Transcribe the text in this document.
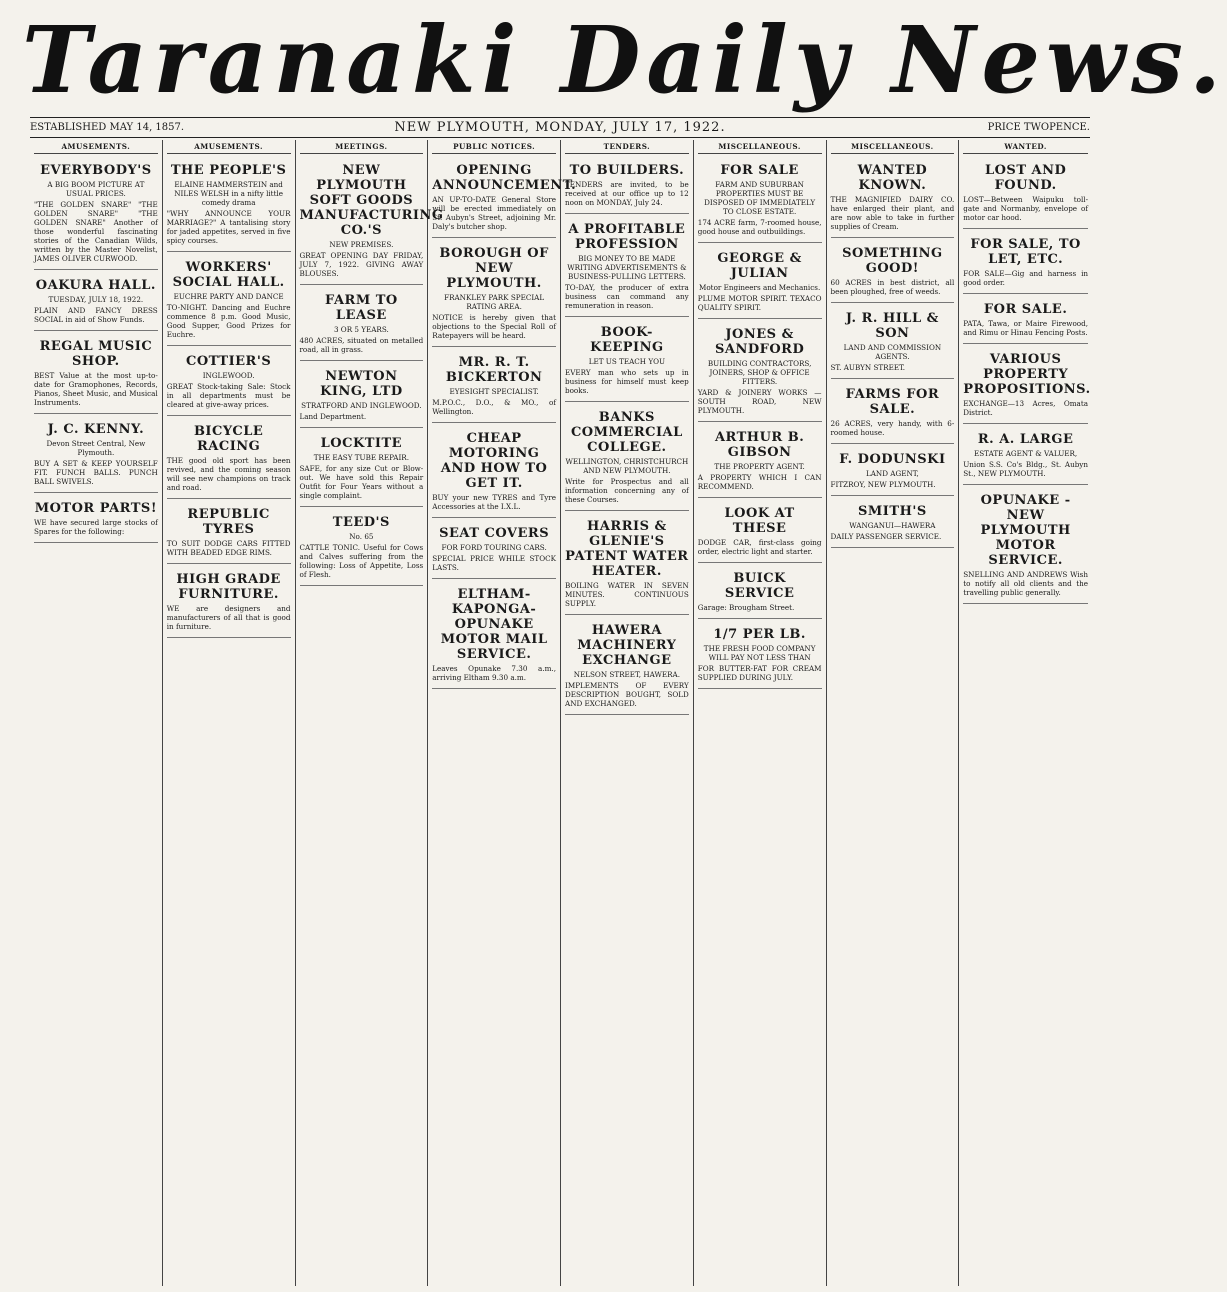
Taranaki Daily News.
ESTABLISHED MAY 14, 1857.	NEW PLYMOUTH, MONDAY, JULY 17, 1922.	PRICE TWOPENCE.
AMUSEMENTS.
EVERYBODY'S
A BIG BOOM PICTURE AT USUAL PRICES.
"THE GOLDEN SNARE" "THE GOLDEN SNARE" "THE GOLDEN SNARE" Another of those wonderful fascinating stories of the Canadian Wilds, written by the Master Novelist, JAMES OLIVER CURWOOD.
OAKURA HALL.
TUESDAY, JULY 18, 1922.
PLAIN AND FANCY DRESS SOCIAL in aid of Show Funds.
REGAL MUSIC SHOP.
BEST Value at the most up-to-date for Gramophones, Records, Pianos, Sheet Music, and Musical Instruments.
J. C. KENNY.
Devon Street Central, New Plymouth.
BUY A SET & KEEP YOURSELF FIT. FUNCH BALLS. PUNCH BALL SWIVELS.
MOTOR PARTS!
WE have secured large stocks of Spares for the following:
AMUSEMENTS.
THE PEOPLE'S
ELAINE HAMMERSTEIN and NILES WELSH in a nifty little comedy drama
"WHY ANNOUNCE YOUR MARRIAGE?" A tantalising story for jaded appetites, served in five spicy courses.
WORKERS' SOCIAL HALL.
EUCHRE PARTY AND DANCE
TO-NIGHT. Dancing and Euchre commence 8 p.m. Good Music, Good Supper, Good Prizes for Euchre.
COTTIER'S
INGLEWOOD.
GREAT Stock-taking Sale: Stock in all departments must be cleared at give-away prices.
BICYCLE RACING
THE good old sport has been revived, and the coming season will see new champions on track and road.
REPUBLIC TYRES
TO SUIT DODGE CARS FITTED WITH BEADED EDGE RIMS.
HIGH GRADE FURNITURE.
WE are designers and manufacturers of all that is good in furniture.
MEETINGS.
NEW PLYMOUTH SOFT GOODS MANUFACTURING CO.'S
NEW PREMISES.
GREAT OPENING DAY FRIDAY, JULY 7, 1922. GIVING AWAY BLOUSES.
FARM TO LEASE
3 OR 5 YEARS.
480 ACRES, situated on metalled road, all in grass.
NEWTON KING, LTD
STRATFORD AND INGLEWOOD.
Land Department.
LOCKTITE
THE EASY TUBE REPAIR.
SAFE, for any size Cut or Blow-out. We have sold this Repair Outfit for Four Years without a single complaint.
TEED'S
No. 65
CATTLE TONIC. Useful for Cows and Calves suffering from the following: Loss of Appetite, Loss of Flesh.
PUBLIC NOTICES.
OPENING ANNOUNCEMENT.
AN UP-TO-DATE General Store will be erected immediately on St. Aubyn's Street, adjoining Mr. Daly's butcher shop.
BOROUGH OF NEW PLYMOUTH.
FRANKLEY PARK SPECIAL RATING AREA.
NOTICE is hereby given that objections to the Special Roll of Ratepayers will be heard.
MR. R. T. BICKERTON
EYESIGHT SPECIALIST.
M.P.O.C., D.O., & MO., of Wellington.
CHEAP MOTORING AND HOW TO GET IT.
BUY your new TYRES and Tyre Accessories at the I.X.L.
SEAT COVERS
FOR FORD TOURING CARS.
SPECIAL PRICE WHILE STOCK LASTS.
ELTHAM-KAPONGA-OPUNAKE MOTOR MAIL SERVICE.
Leaves Opunake 7.30 a.m., arriving Eltham 9.30 a.m.
TENDERS.
TO BUILDERS.
TENDERS are invited, to be received at our office up to 12 noon on MONDAY, July 24.
A PROFITABLE PROFESSION
BIG MONEY TO BE MADE WRITING ADVERTISEMENTS & BUSINESS-PULLING LETTERS.
TO-DAY, the producer of extra business can command any remuneration in reason.
BOOK-KEEPING
LET US TEACH YOU
EVERY man who sets up in business for himself must keep books.
BANKS COMMERCIAL COLLEGE.
WELLINGTON, CHRISTCHURCH AND NEW PLYMOUTH.
Write for Prospectus and all information concerning any of these Courses.
HARRIS & GLENIE'S PATENT WATER HEATER.
BOILING WATER IN SEVEN MINUTES. CONTINUOUS SUPPLY.
HAWERA MACHINERY EXCHANGE
NELSON STREET, HAWERA.
IMPLEMENTS OF EVERY DESCRIPTION BOUGHT, SOLD AND EXCHANGED.
MISCELLANEOUS.
FOR SALE
FARM AND SUBURBAN PROPERTIES MUST BE DISPOSED OF IMMEDIATELY TO CLOSE ESTATE.
174 ACRE farm, 7-roomed house, good house and outbuildings.
GEORGE & JULIAN
Motor Engineers and Mechanics.
PLUME MOTOR SPIRIT. TEXACO QUALITY SPIRIT.
JONES & SANDFORD
BUILDING CONTRACTORS, JOINERS, SHOP & OFFICE FITTERS.
YARD & JOINERY WORKS — SOUTH ROAD, NEW PLYMOUTH.
ARTHUR B. GIBSON
THE PROPERTY AGENT.
A PROPERTY WHICH I CAN RECOMMEND.
LOOK AT THESE
DODGE CAR, first-class going order, electric light and starter.
BUICK SERVICE
Garage: Brougham Street.
1/7 PER LB.
THE FRESH FOOD COMPANY WILL PAY NOT LESS THAN
FOR BUTTER-FAT FOR CREAM SUPPLIED DURING JULY.
MISCELLANEOUS.
WANTED KNOWN.
THE MAGNIFIED DAIRY CO. have enlarged their plant, and are now able to take in further supplies of Cream.
SOMETHING GOOD!
60 ACRES in best district, all been ploughed, free of weeds.
J. R. HILL & SON
LAND AND COMMISSION AGENTS.
ST. AUBYN STREET.
FARMS FOR SALE.
26 ACRES, very handy, with 6-roomed house.
F. DODUNSKI
LAND AGENT,
FITZROY, NEW PLYMOUTH.
SMITH'S
WANGANUI—HAWERA
DAILY PASSENGER SERVICE.
WANTED.
LOST AND FOUND.
LOST—Between Waipuku toll-gate and Normanby, envelope of motor car hood.
FOR SALE, TO LET, ETC.
FOR SALE—Gig and harness in good order.
FOR SALE.
PATA, Tawa, or Maire Firewood, and Rimu or Hinau Fencing Posts.
VARIOUS PROPERTY PROPOSITIONS.
EXCHANGE—13 Acres, Omata District.
R. A. LARGE
ESTATE AGENT & VALUER,
Union S.S. Co's Bldg., St. Aubyn St., NEW PLYMOUTH.
OPUNAKE - NEW PLYMOUTH MOTOR SERVICE.
SNELLING AND ANDREWS Wish to notify all old clients and the travelling public generally.
